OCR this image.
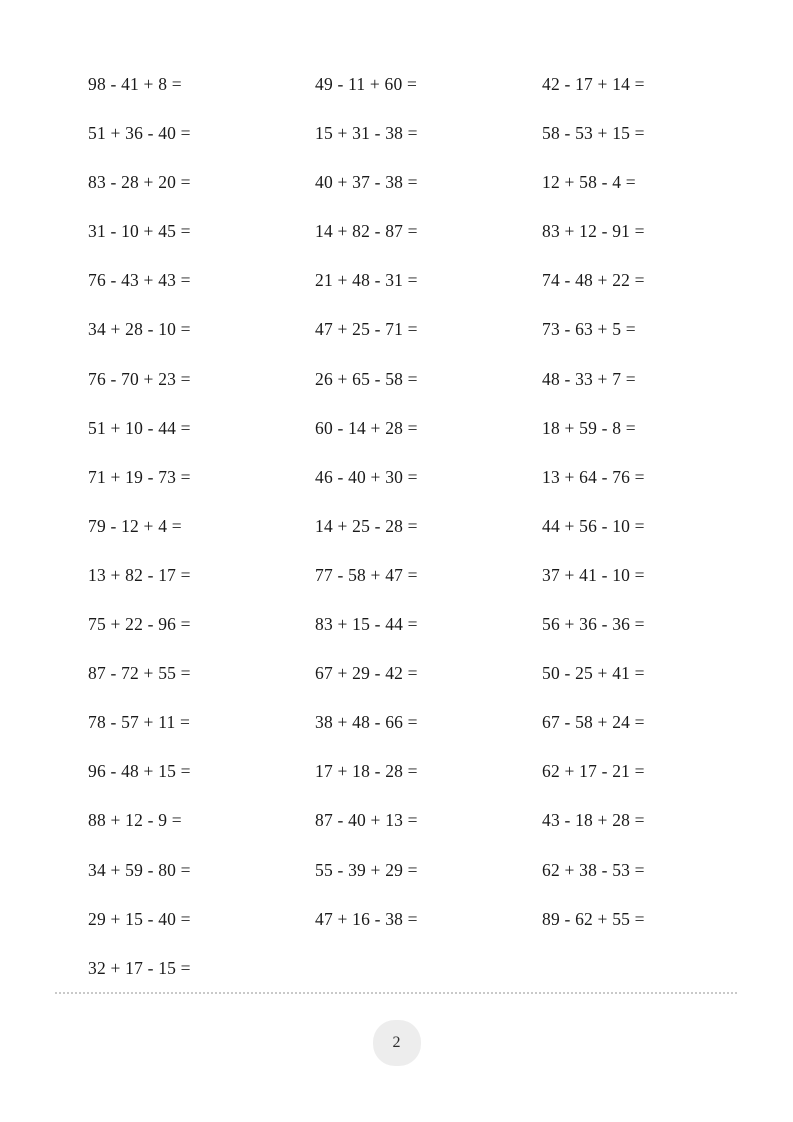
98 - 41 + 8 =
51 + 36 - 40 =
83 - 28 + 20 =
31 - 10 + 45 =
76 - 43 + 43 =
34 + 28 - 10 =
76 - 70 + 23 =
51 + 10 - 44 =
71 + 19 - 73 =
79 - 12 + 4 =
13 + 82 - 17 =
75 + 22 - 96 =
87 - 72 + 55 =
78 - 57 + 11 =
96 - 48 + 15 =
88 + 12 - 9 =
34 + 59 - 80 =
29 + 15 - 40 =
32 + 17 - 15 =
49 - 11 + 60 =
15 + 31 - 38 =
40 + 37 - 38 =
14 + 82 - 87 =
21 + 48 - 31 =
47 + 25 - 71 =
26 + 65 - 58 =
60 - 14 + 28 =
46 - 40 + 30 =
14 + 25 - 28 =
77 - 58 + 47 =
83 + 15 - 44 =
67 + 29 - 42 =
38 + 48 - 66 =
17 + 18 - 28 =
87 - 40 + 13 =
55 - 39 + 29 =
47 + 16 - 38 =
42 - 17 + 14 =
58 - 53 + 15 =
12 + 58 - 4 =
83 + 12 - 91 =
74 - 48 + 22 =
73 - 63 + 5 =
48 - 33 + 7 =
18 + 59 - 8 =
13 + 64 - 76 =
44 + 56 - 10 =
37 + 41 - 10 =
56 + 36 - 36 =
50 - 25 + 41 =
67 - 58 + 24 =
62 + 17 - 21 =
43 - 18 + 28 =
62 + 38 - 53 =
89 - 62 + 55 =
2
